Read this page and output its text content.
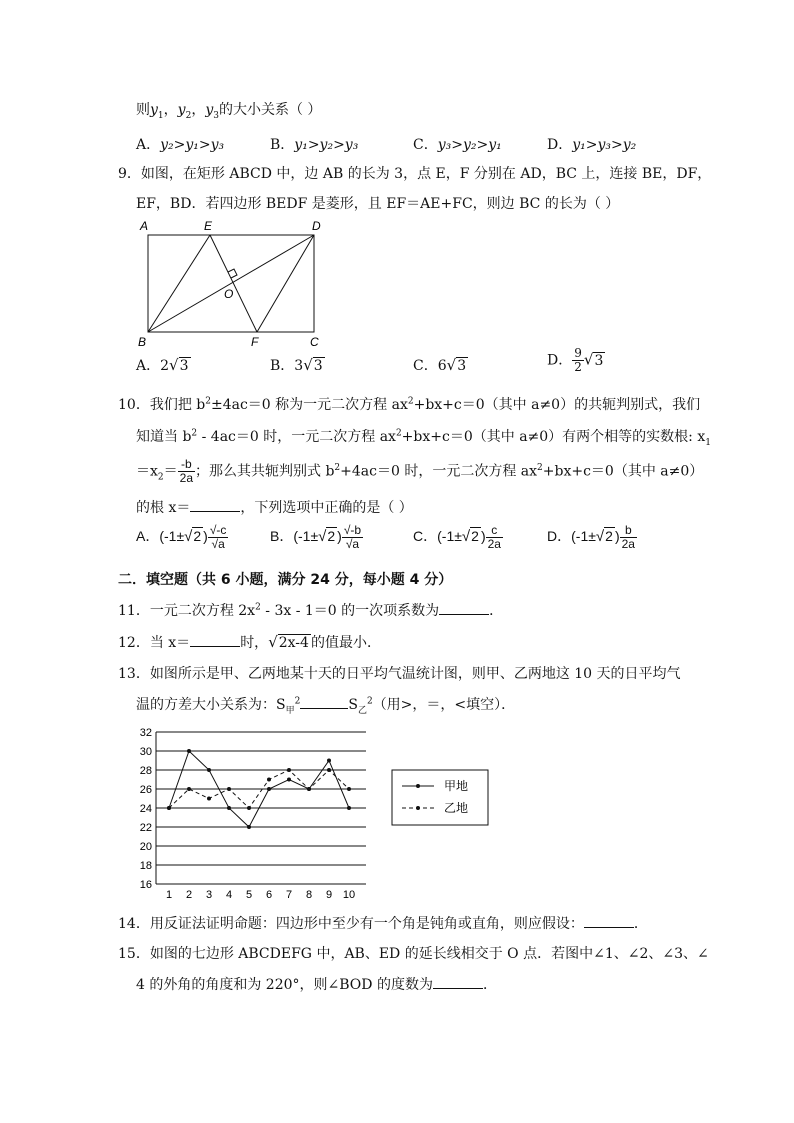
则$y_1$，$y_2$，$y_3$的大小关系（ ）
A．y₂>y₁>y₃	B．y₁>y₂>y₃	C．y₃>y₂>y₁	D．y₁>y₃>y₂
9．如图，在矩形 ABCD 中，边 AB 的长为 3，点 E，F 分别在 AD，BC 上，连接 BE，DF，
EF，BD．若四边形 BEDF 是菱形，且 EF＝AE+FC，则边 BC 的长为（ ）
A	E	D
O
B	F	C
A．2√3	B．3√3	C．6√3	D． $\frac{9}{2} √3$
10．我们把 $b^2\pm 4ac=0$ 称为一元二次方程 $ax^2+bx+c=0$（其中 a≠0）的共轭判别式，我们
知道当 $b^2 - 4ac=0$ 时，一元二次方程 $ax^2+bx+c=0$（其中 a≠0）有两个相等的实数根: $x_1$
$=x_2= \frac{-b}{2a}$ ；那么其共轭判别式 $b^2+4ac=0$ 时，一元二次方程 $ax^2+bx+c=0$（其中 a≠0）
的根 x＝	，下列选项中正确的是（ ）
A．(-1±√2 ) $\frac{√-c}{√a}$	B．(-1±√2 ) $\frac{√-b}{√a}$	C．(-1±√2 ) $\frac{c}{2a}$	D．(-1±√2 ) $\frac{b}{2a}$
二．填空题（共 6 小题，满分 24 分，每小题 4 分）
11．一元二次方程 $2x^2 - 3x - 1=0$ 的一次项系数为	．
12．当 x＝	时，√2x-4 的值最小．
13．如图所示是甲、乙两地某十天的日平均气温统计图，则甲、乙两地这 10 天的日平均气
温的方差大小关系为：$S_甲^2$	$S_乙^2$（用>，＝，<填空）．
16
18
20
22
24
26
28
30
32
1 2 3 4 5 6 7 8 9 10
甲地
乙地
14．用反证法证明命题：四边形中至少有一个角是钝角或直角，则应假设：	．
15．如图的七边形 ABCDEFG 中，AB、ED 的延长线相交于 O 点．若图中∠1、∠2、∠3、∠
4 的外角的角度和为 220°，则∠BOD 的度数为	．
